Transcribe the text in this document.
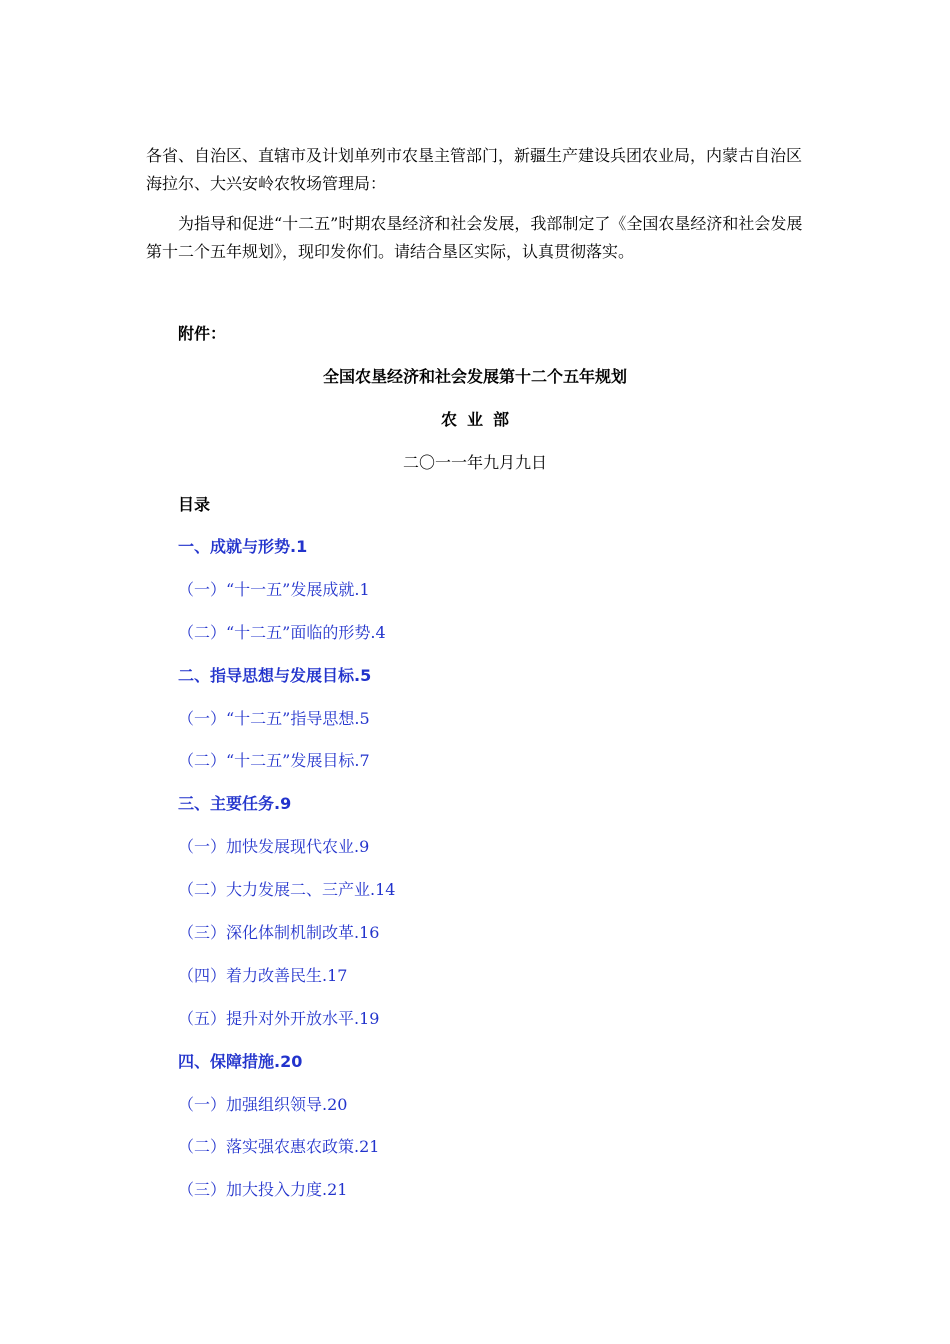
各省、自治区、直辖市及计划单列市农垦主管部门，新疆生产建设兵团农业局，内蒙古自治区海拉尔、大兴安岭农牧场管理局：

为指导和促进“十二五”时期农垦经济和社会发展，我部制定了《全国农垦经济和社会发展第十二个五年规划》，现印发你们。请结合垦区实际，认真贯彻落实。

附件：
全国农垦经济和社会发展第十二个五年规划
农业部
二〇一一年九月九日
目录
一、成就与形势.1
（一）“十一五”发展成就.1
（二）“十二五”面临的形势.4
二、指导思想与发展目标.5
（一）“十二五”指导思想.5
（二）“十二五”发展目标.7
三、主要任务.9
（一）加快发展现代农业.9
（二）大力发展二、三产业.14
（三）深化体制机制改革.16
（四）着力改善民生.17
（五）提升对外开放水平.19
四、保障措施.20
（一）加强组织领导.20
（二）落实强农惠农政策.21
（三）加大投入力度.21
